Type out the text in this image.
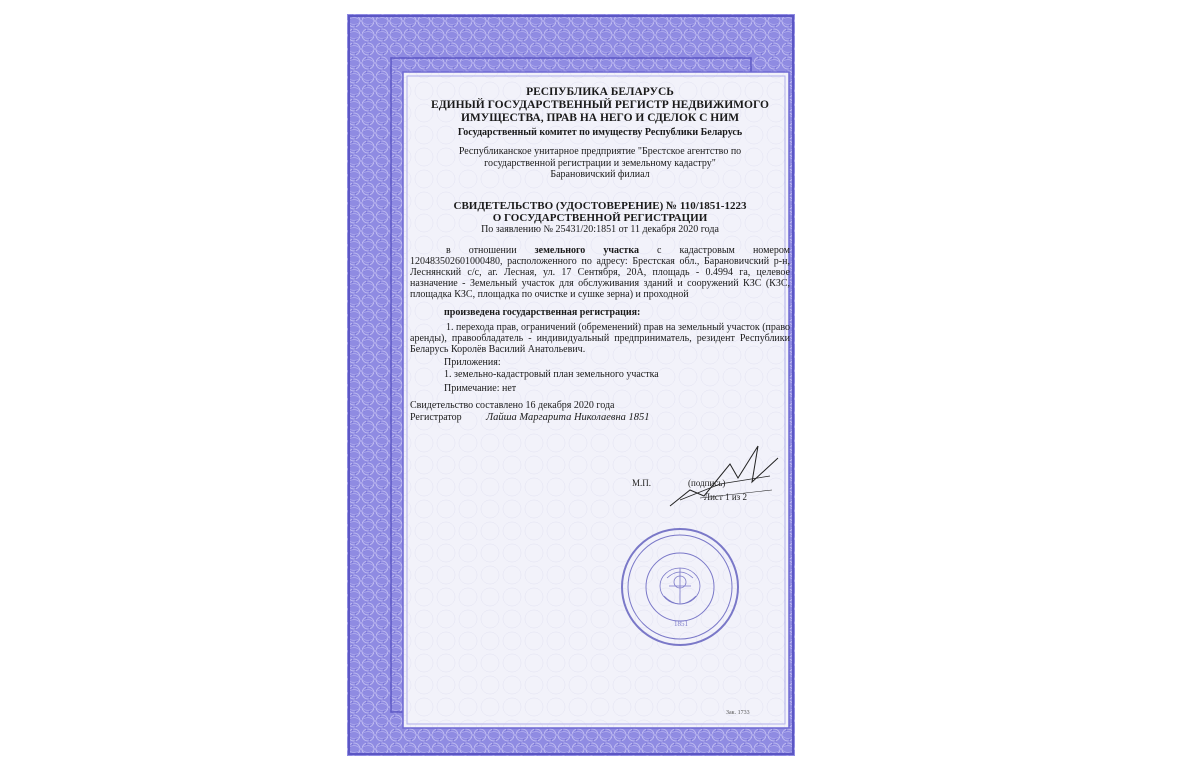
РЕСПУБЛИКА БЕЛАРУСЬ
ЕДИНЫЙ ГОСУДАРСТВЕННЫЙ РЕГИСТР НЕДВИЖИМОГО
ИМУЩЕСТВА, ПРАВ НА НЕГО И СДЕЛОК С НИМ
Государственный комитет по имуществу Республики Беларусь
Республиканское унитарное предприятие "Брестское агентство по
государственной регистрации и земельному кадастру"
Барановичский филиал
СВИДЕТЕЛЬСТВО (УДОСТОВЕРЕНИЕ) № 110/1851-1223
О ГОСУДАРСТВЕННОЙ РЕГИСТРАЦИИ
По заявлению № 25431/20:1851 от 11 декабря 2020 года
в отношении земельного участка с кадастровым номером 120483502601000480, расположенного по адресу: Брестская обл., Барановичский р-н, Леснянский с/с, аг. Лесная, ул. 17 Сентября, 20А, площадь - 0.4994 га, целевое назначение - Земельный участок для обслуживания зданий и сооружений КЗС (КЗС, площадка КЗС, площадка по очистке и сушке зерна) и проходной
произведена государственная регистрация:
1. перехода прав, ограничений (обременений) прав на земельный участок (право аренды), правообладатель - индивидуальный предприниматель, резидент Республики Беларусь Королёв Василий Анатольевич.
Приложения:
1. земельно-кадастровый план земельного участка
Примечание: нет
Свидетельство составлено 16 декабря 2020 года
Регистратор Лайша Маргарита Николаевна 1851
М.П.	(подпись)
Лист 1 из 2
1851
Зак. 1733
